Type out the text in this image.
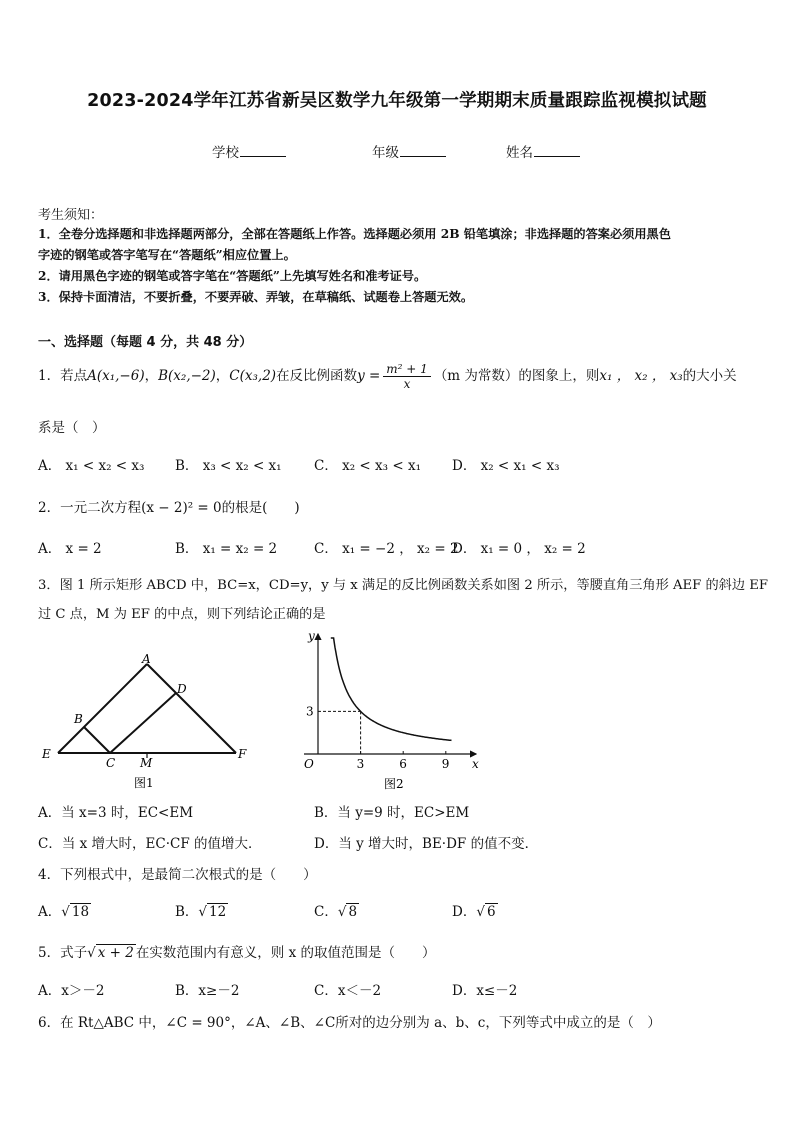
2023-2024学年江苏省新吴区数学九年级第一学期期末质量跟踪监视模拟试题
学校	年级	姓名
考生须知：
1．全卷分选择题和非选择题两部分，全部在答题纸上作答。选择题必须用 2B 铅笔填涂；非选择题的答案必须用黑色
字迹的钢笔或答字笔写在“答题纸”相应位置上。
2．请用黑色字迹的钢笔或答字笔在“答题纸”上先填写姓名和准考证号。
3．保持卡面清洁，不要折叠，不要弄破、弄皱，在草稿纸、试题卷上答题无效。
一、选择题（每题 4 分，共 48 分）
1．若点A(x₁,−6)，B(x₂,−2)，C(x₃,2)在反比例函数$y = \frac{\text{m² + 1}}{x} (m$ 为常数）的图象上，则x₁ ， x₂ ， x₃的大小关
系是（　）
A． x₁ < x₂ < x₃ B． x₃ < x₂ < x₁ C． x₂ < x₃ < x₁ D． x₂ < x₁ < x₃
2．一元二次方程(x − 2)² = 0的根是(　　)
A． x = 2	B． x₁ = x₂ = 2	C． x₁ = −2 ， x₂ = 2
D． x₁ = 0 ， x₂ = 2
3．图 1 所示矩形 ABCD 中，BC=x，CD=y，y 与 x 满足的反比例函数关系如图 2 所示，等腰直角三角形 AEF 的斜边 EF
过 C 点，M 为 EF 的中点，则下列结论正确的是
A
B
C
D
E	F
M
图1
y
x
O	3	6	9
3
图2
A．当 x=3 时，EC<EM	B．当 y=9 时，EC>EM
C．当 x 增大时，EC·CF 的值增大．	D．当 y 增大时，BE·DF 的值不变．
4．下列根式中，是最简二次根式的是（　　）
A．√ 18	B．√ 12	C．√ 8	D．√ 6
5．式子√ x + 2 在实数范围内有意义，则 x 的取值范围是（　　）
A．x＞－2	B．x≥－2	C．x＜－2	D．x≤－2
6．在 Rt△ABC 中，∠C = 90°，∠A、∠B、∠C所对的边分别为 a、b、c，下列等式中成立的是（　）
